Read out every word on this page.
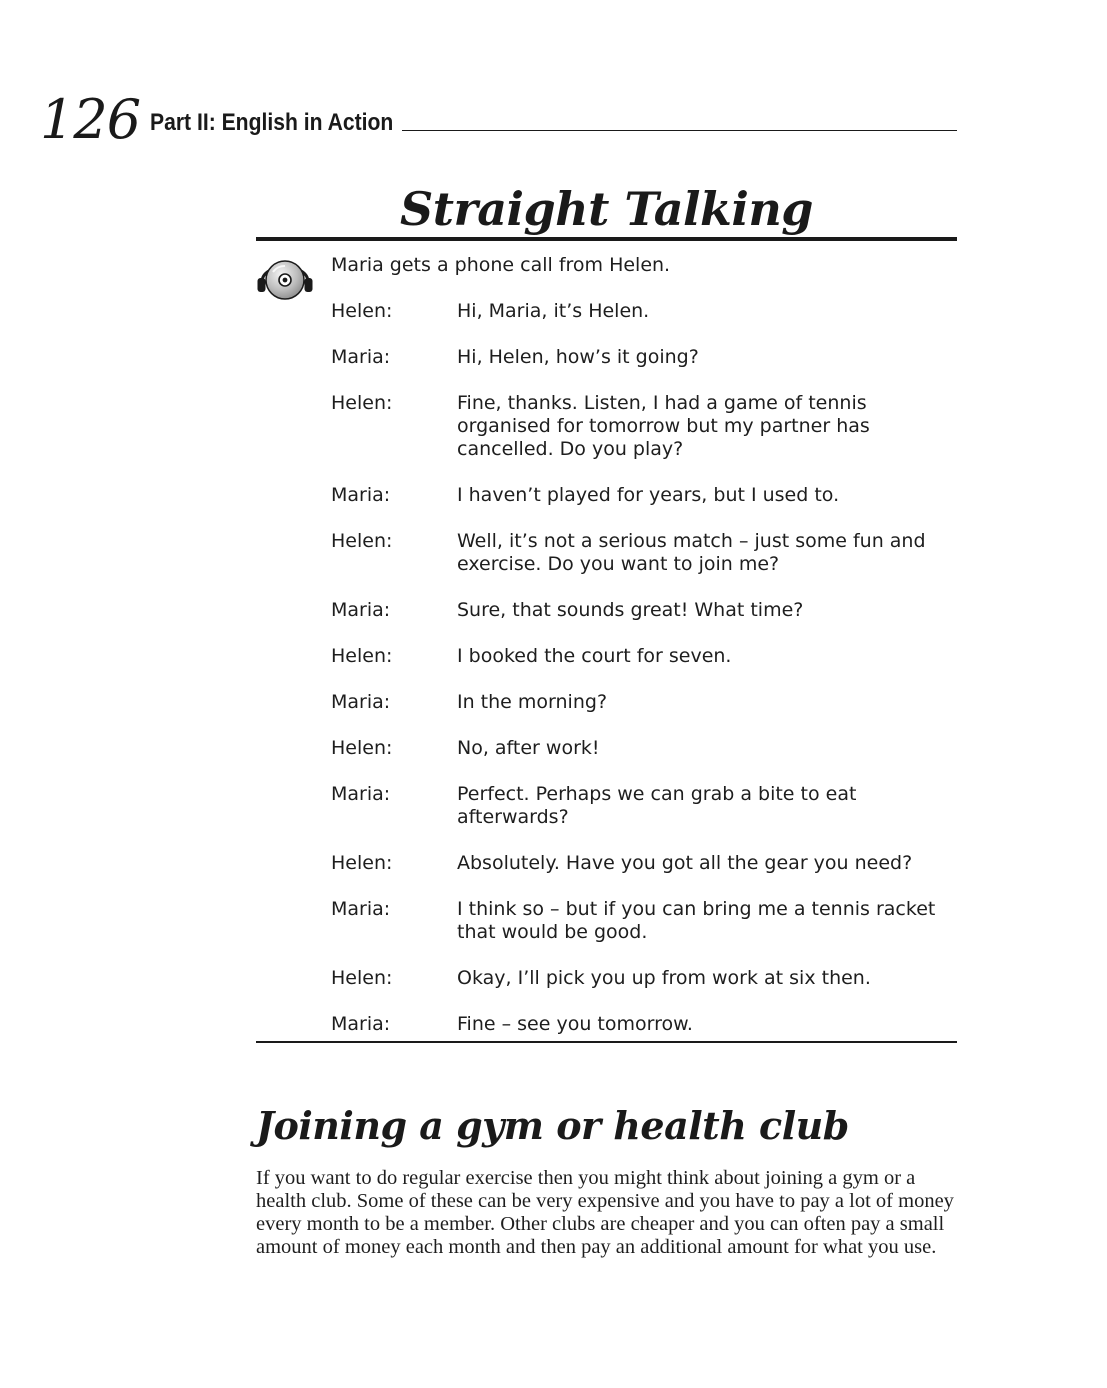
126 Part II: English in Action
Straight Talking
Maria gets a phone call from Helen.
Helen:	Hi, Maria, it’s Helen.
Maria:	Hi, Helen, how’s it going?
Helen:	Fine, thanks. Listen, I had a game of tennis organised for tomorrow but my partner has cancelled. Do you play?
Maria:	I haven’t played for years, but I used to.
Helen:	Well, it’s not a serious match – just some fun and exercise. Do you want to join me?
Maria:	Sure, that sounds great! What time?
Helen:	I booked the court for seven.
Maria:	In the morning?
Helen:	No, after work!
Maria:	Perfect. Perhaps we can grab a bite to eat afterwards?
Helen:	Absolutely. Have you got all the gear you need?
Maria:	I think so – but if you can bring me a tennis racket that would be good.
Helen:	Okay, I’ll pick you up from work at six then.
Maria:	Fine – see you tomorrow.
Joining a gym or health club

If you want to do regular exercise then you might think about joining a gym or a health club. Some of these can be very expensive and you have to pay a lot of money every month to be a member. Other clubs are cheaper and you can often pay a small amount of money each month and then pay an additional amount for what you use.
